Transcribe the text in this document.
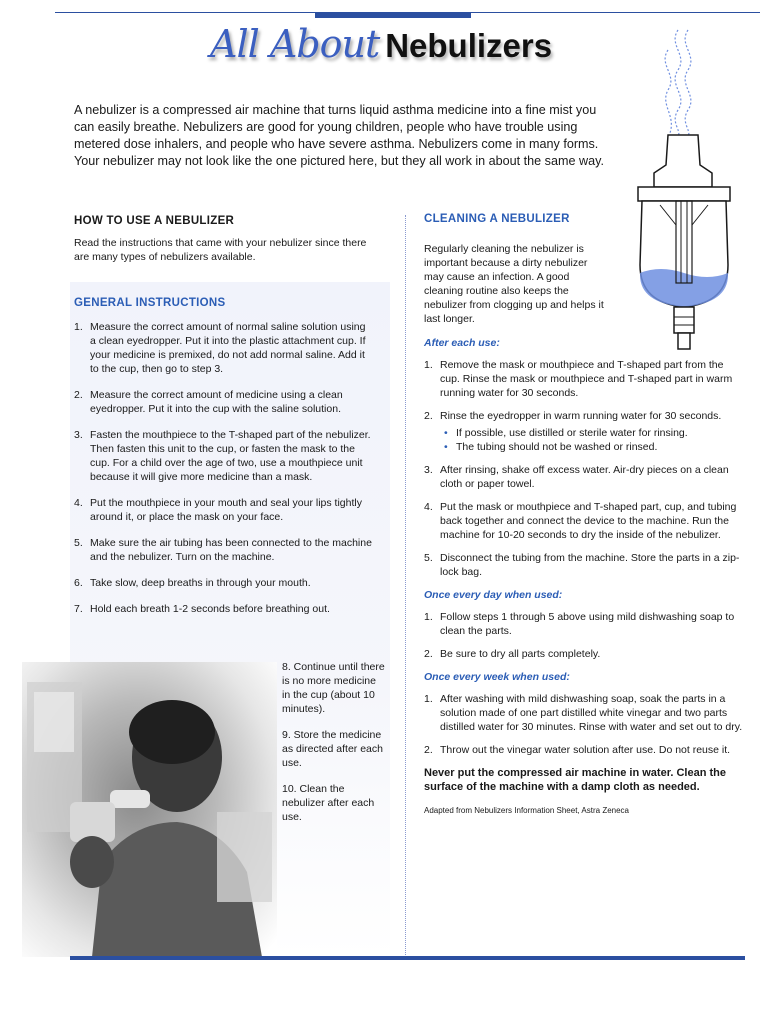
All About Nebulizers
A nebulizer is a compressed air machine that turns liquid asthma medicine into a fine mist you can easily breathe. Nebulizers are good for young children, people who have trouble using metered dose inhalers, and people who have severe asthma. Nebulizers come in many forms. Your nebulizer may not look like the one pictured here, but they all work in about the same way.
HOW TO USE A NEBULIZER
Read the instructions that came with your nebulizer since there are many types of nebulizers available.
GENERAL INSTRUCTIONS
1. Measure the correct amount of normal saline solution using a clean eyedropper. Put it into the plastic attachment cup. If your medicine is premixed, do not add normal saline. Add it to the cup, then go to step 3.
2. Measure the correct amount of medicine using a clean eyedropper. Put it into the cup with the saline solution.
3. Fasten the mouthpiece to the T-shaped part of the nebulizer. Then fasten this unit to the cup, or fasten the mask to the cup. For a child over the age of two, use a mouthpiece unit because it will give more medicine than a mask.
4. Put the mouthpiece in your mouth and seal your lips tightly around it, or place the mask on your face.
5. Make sure the air tubing has been connected to the machine and the nebulizer. Turn on the machine.
6. Take slow, deep breaths in through your mouth.
7. Hold each breath 1-2 seconds before breathing out.
8. Continue until there is no more medicine in the cup (about 10 minutes).
9. Store the medicine as directed after each use.
10. Clean the nebulizer after each use.
CLEANING A NEBULIZER
Regularly cleaning the nebulizer is important because a dirty nebulizer may cause an infection. A good cleaning routine also keeps the nebulizer from clogging up and helps it last longer.
After each use:
1. Remove the mask or mouthpiece and T-shaped part from the cup. Rinse the mask or mouthpiece and T-shaped part in warm running water for 30 seconds.
2. Rinse the eyedropper in warm running water for 30 seconds.
• If possible, use distilled or sterile water for rinsing.
• The tubing should not be washed or rinsed.
3. After rinsing, shake off excess water. Air-dry pieces on a clean cloth or paper towel.
4. Put the mask or mouthpiece and T-shaped part, cup, and tubing back together and connect the device to the machine. Run the machine for 10-20 seconds to dry the inside of the nebulizer.
5. Disconnect the tubing from the machine. Store the parts in a zip-lock bag.
Once every day when used:
1. Follow steps 1 through 5 above using mild dishwashing soap to clean the parts.
2. Be sure to dry all parts completely.
Once every week when used:
1. After washing with mild dishwashing soap, soak the parts in a solution made of one part distilled white vinegar and two parts distilled water for 30 minutes. Rinse with water and set out to dry.
2. Throw out the vinegar water solution after use. Do not reuse it.
Never put the compressed air machine in water. Clean the surface of the machine with a damp cloth as needed.
Adapted from Nebulizers Information Sheet, Astra Zeneca
